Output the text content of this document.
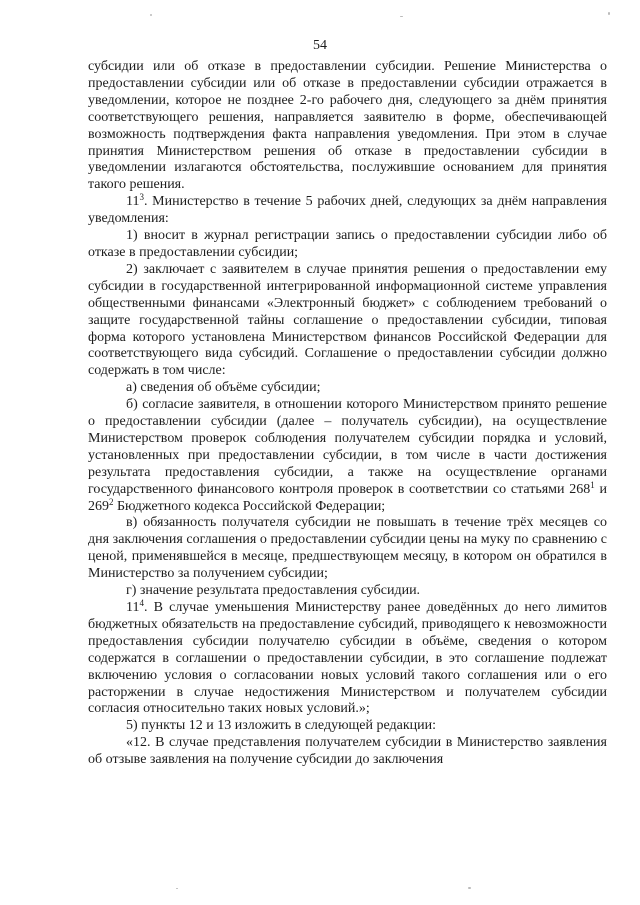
54

субсидии или об отказе в предоставлении субсидии. Решение Министерства о предоставлении субсидии или об отказе в предоставлении субсидии отражается в уведомлении, которое не позднее 2-го рабочего дня, следующего за днём принятия соответствующего решения, направляется заявителю в форме, обеспечивающей возможность подтверждения факта направления уведомления. При этом в случае принятия Министерством решения об отказе в предоставлении субсидии в уведомлении излагаются обстоятельства, послужившие основанием для принятия такого решения.

$11^3$. Министерство в течение 5 рабочих дней, следующих за днём направления уведомления:

1) вносит в журнал регистрации запись о предоставлении субсидии либо об отказе в предоставлении субсидии;

2) заключает с заявителем в случае принятия решения о предоставлении ему субсидии в государственной интегрированной информационной системе управления общественными финансами «Электронный бюджет» с соблюдением требований о защите государственной тайны соглашение о предоставлении субсидии, типовая форма которого установлена Министерством финансов Российской Федерации для соответствующего вида субсидий. Соглашение о предоставлении субсидии должно содержать в том числе:

а) сведения об объёме субсидии;

б) согласие заявителя, в отношении которого Министерством принято решение о предоставлении субсидии (далее – получатель субсидии), на осуществление Министерством проверок соблюдения получателем субсидии порядка и условий, установленных при предоставлении субсидии, в том числе в части достижения результата предоставления субсидии, а также на осуществление органами государственного финансового контроля проверок в соответствии со статьями $268^1$ и $269^2$ Бюджетного кодекса Российской Федерации;

в) обязанность получателя субсидии не повышать в течение трёх месяцев со дня заключения соглашения о предоставлении субсидии цены на муку по сравнению с ценой, применявшейся в месяце, предшествующем месяцу, в котором он обратился в Министерство за получением субсидии;

г) значение результата предоставления субсидии.

$11^4$. В случае уменьшения Министерству ранее доведённых до него лимитов бюджетных обязательств на предоставление субсидий, приводящего к невозможности предоставления субсидии получателю субсидии в объёме, сведения о котором содержатся в соглашении о предоставлении субсидии, в это соглашение подлежат включению условия о согласовании новых условий такого соглашения или о его расторжении в случае недостижения Министерством и получателем субсидии согласия относительно таких новых условий.»;

5) пункты 12 и 13 изложить в следующей редакции:

«12. В случае представления получателем субсидии в Министерство заявления об отзыве заявления на получение субсидии до заключения
